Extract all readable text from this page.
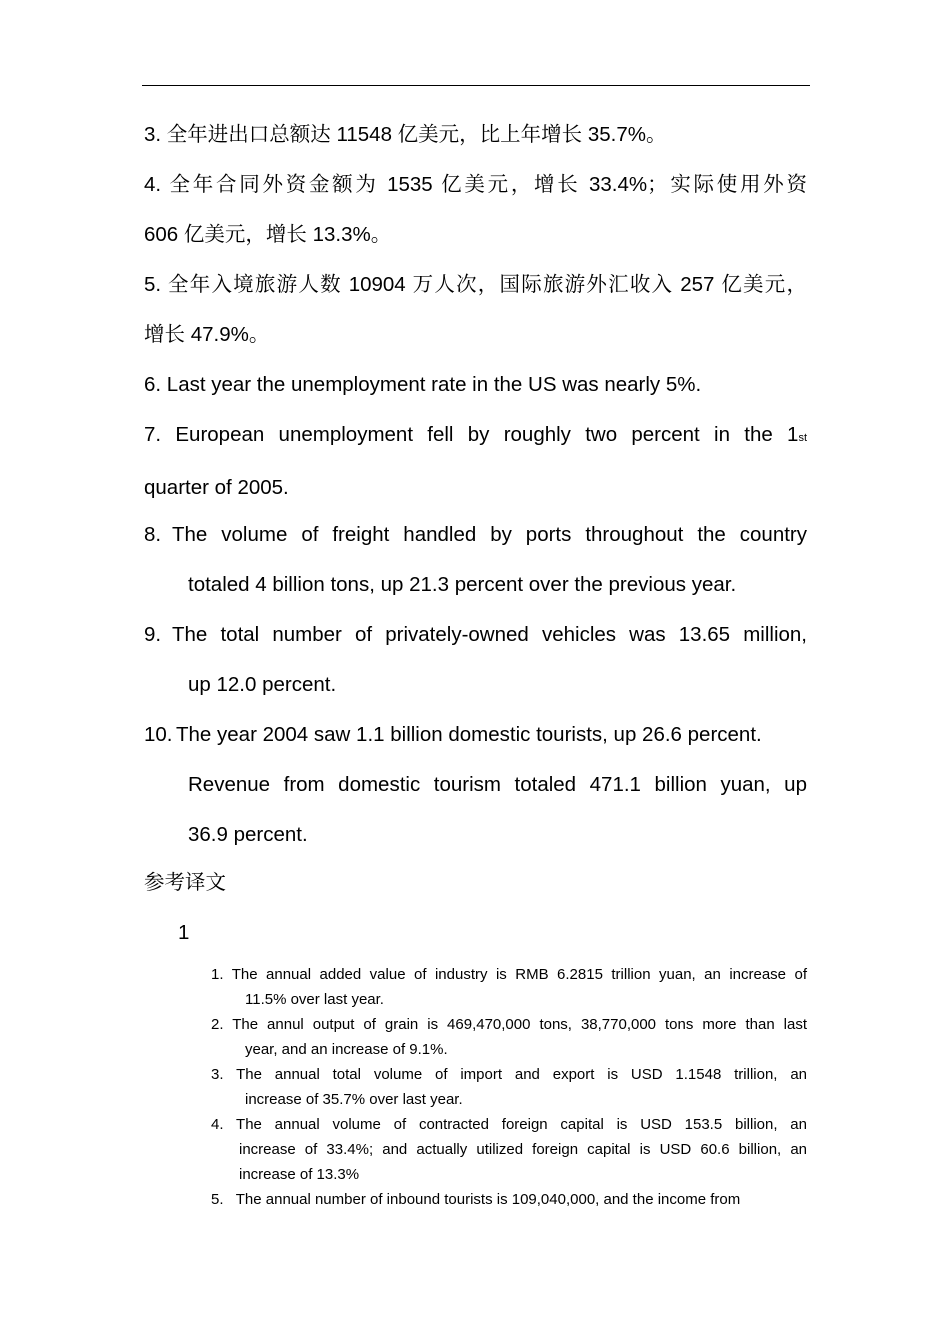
3. 全年进出口总额达 11548 亿美元，比上年增长 35.7%。
4. 全年合同外资金额为 1535 亿美元，增长 33.4%；实际使用外资
606 亿美元，增长 13.3%。
5. 全年入境旅游人数 10904 万人次，国际旅游外汇收入 257 亿美元，
增长 47.9%。
6. Last year the unemployment rate in the US was nearly 5%.
7. European unemployment fell by roughly two percent in the 1st
quarter of 2005.
8. The volume of freight handled by ports throughout the country
totaled 4 billion tons, up 21.3 percent over the previous year.
9. The total number of privately-owned vehicles was 13.65 million,
up 12.0 percent.
10. The year 2004 saw 1.1 billion domestic tourists, up 26.6 percent.
Revenue from domestic tourism totaled 471.1 billion yuan, up
36.9 percent.
参考译文
1
1. The annual added value of industry is RMB 6.2815 trillion yuan, an increase of
11.5% over last year.
2. The annul output of grain is 469,470,000 tons, 38,770,000 tons more than last
year, and an increase of 9.1%.
3. The annual total volume of import and export is USD 1.1548 trillion, an
increase of 35.7% over last year.
4. The annual volume of contracted foreign capital is USD 153.5 billion, an
increase of 33.4%; and actually utilized foreign capital is USD 60.6 billion, an
increase of 13.3%
5.   The annual number of inbound tourists is 109,040,000, and the income from
